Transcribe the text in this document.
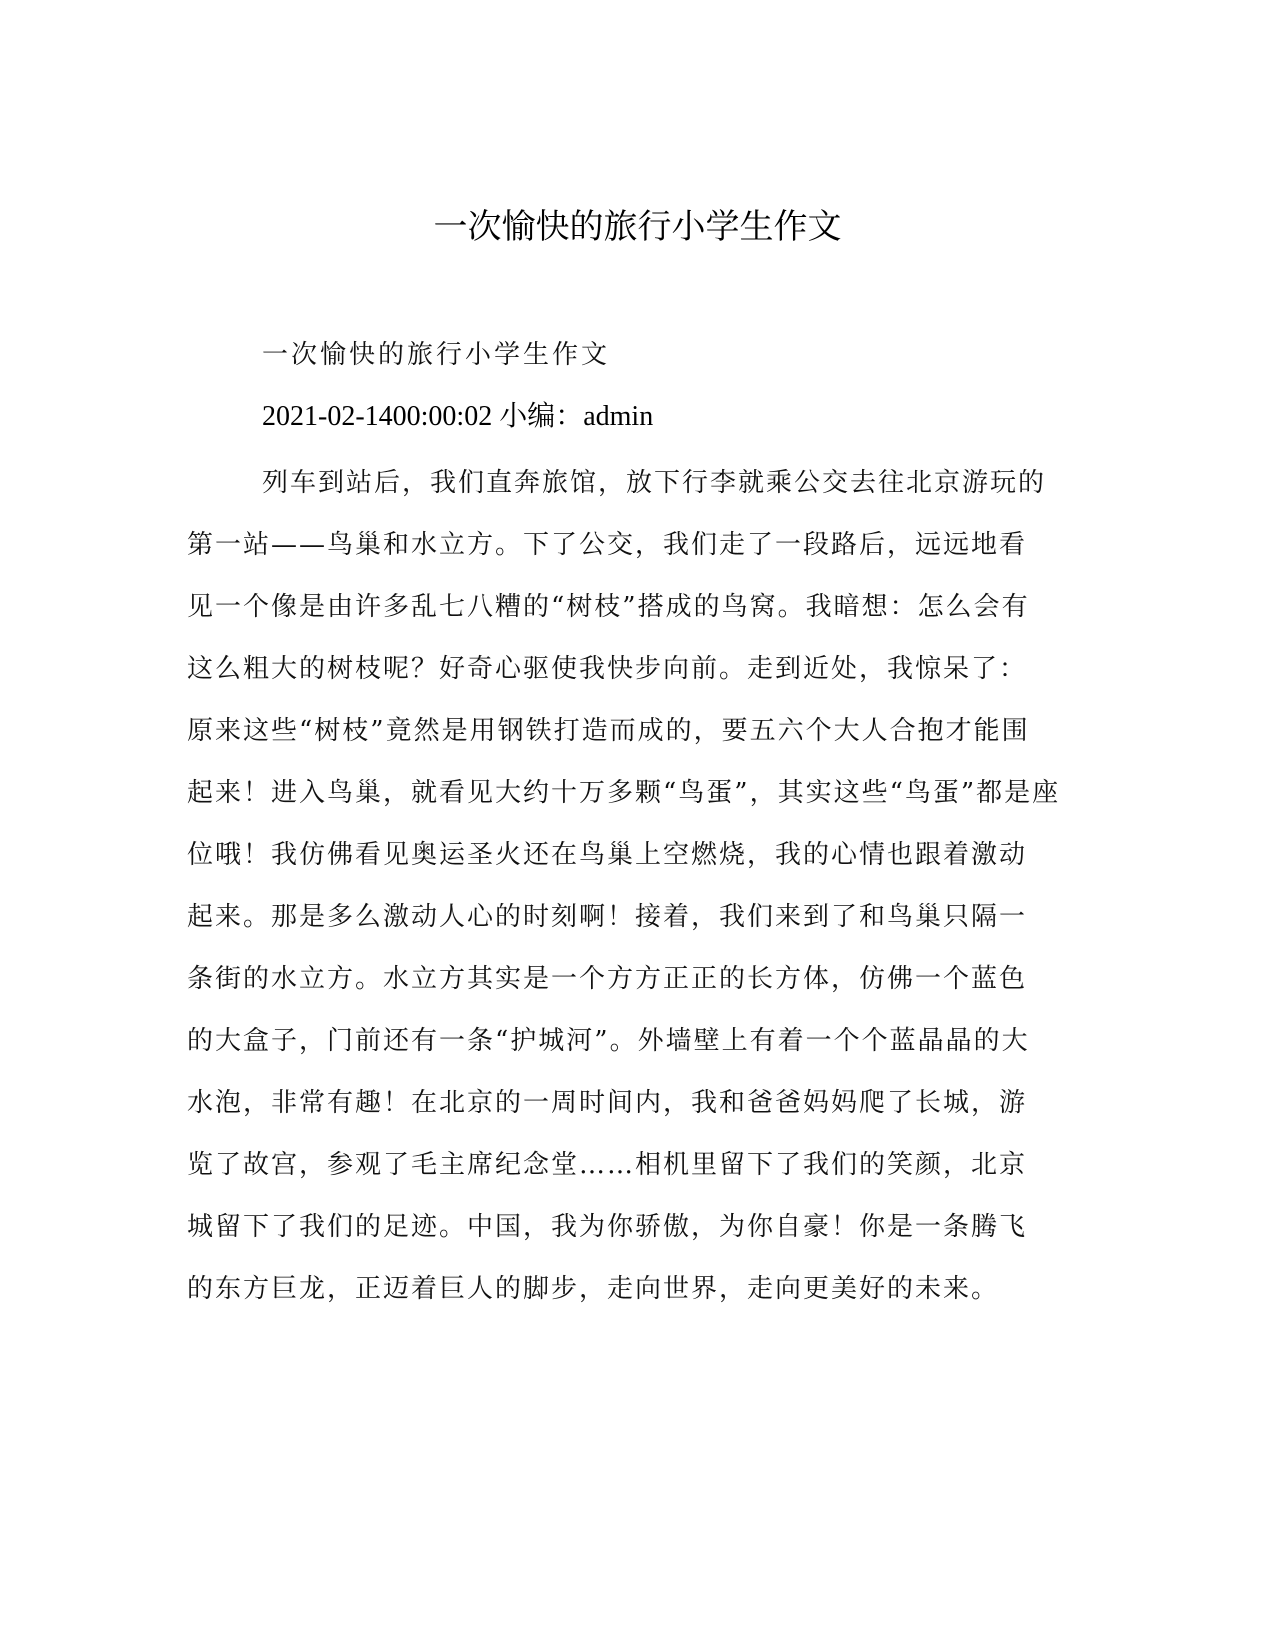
一次愉快的旅行小学生作文
一次愉快的旅行小学生作文
2021-02-1400:00:02 小编：admin
列车到站后，我们直奔旅馆，放下行李就乘公交去往北京游玩的
第一站——鸟巢和水立方。下了公交，我们走了一段路后，远远地看
见一个像是由许多乱七八糟的“树枝”搭成的鸟窝。我暗想：怎么会有
这么粗大的树枝呢？好奇心驱使我快步向前。走到近处，我惊呆了：
原来这些“树枝”竟然是用钢铁打造而成的，要五六个大人合抱才能围
起来！进入鸟巢，就看见大约十万多颗“鸟蛋”，其实这些“鸟蛋”都是座
位哦！我仿佛看见奥运圣火还在鸟巢上空燃烧，我的心情也跟着激动
起来。那是多么激动人心的时刻啊！接着，我们来到了和鸟巢只隔一
条街的水立方。水立方其实是一个方方正正的长方体，仿佛一个蓝色
的大盒子，门前还有一条“护城河”。外墙壁上有着一个个蓝晶晶的大
水泡，非常有趣！在北京的一周时间内，我和爸爸妈妈爬了长城，游
览了故宫，参观了毛主席纪念堂……相机里留下了我们的笑颜，北京
城留下了我们的足迹。中国，我为你骄傲，为你自豪！你是一条腾飞
的东方巨龙，正迈着巨人的脚步，走向世界，走向更美好的未来。
